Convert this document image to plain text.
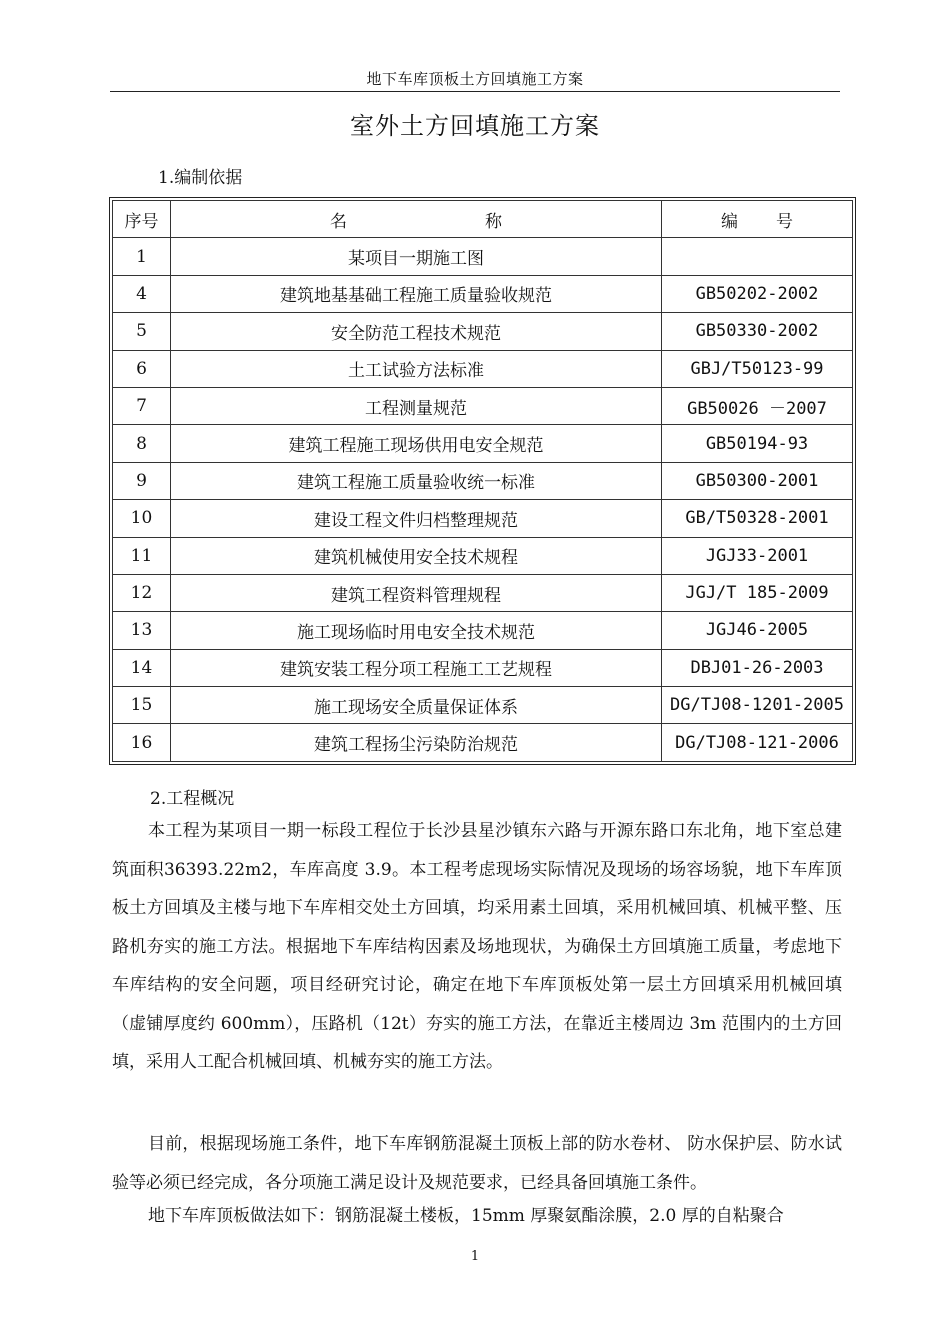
地下车库顶板土方回填施工方案
室外土方回填施工方案
1.编制依据
序号	名 称	编号
1	某项目一期施工图	
4	建筑地基基础工程施工质量验收规范	GB50202-2002
5	安全防范工程技术规范	GB50330-2002
6	土工试验方法标准	GBJ/T50123-99
7	工程测量规范	GB50026 －2007
8	建筑工程施工现场供用电安全规范	GB50194-93
9	建筑工程施工质量验收统一标准	GB50300-2001
10	建设工程文件归档整理规范	GB/T50328-2001
11	建筑机械使用安全技术规程	JGJ33-2001
12	建筑工程资料管理规程	JGJ/T 185-2009
13	施工现场临时用电安全技术规范	JGJ46-2005
14	建筑安装工程分项工程施工工艺规程	DBJ01-26-2003
15	施工现场安全质量保证体系	DG/TJ08-1201-2005
16	建筑工程扬尘污染防治规范	DG/TJ08-121-2006
2.工程概况

本工程为某项目一期一标段工程位于长沙县星沙镇东六路与开源东路口东北角，地下室总建筑面积36393.22m2，车库高度 3.9。本工程考虑现场实际情况及现场的场容场貌，地下车库顶板土方回填及主楼与地下车库相交处土方回填，均采用素土回填，采用机械回填、机械平整、压路机夯实的施工方法。根据地下车库结构因素及场地现状，为确保土方回填施工质量，考虑地下车库结构的安全问题，项目经研究讨论，确定在地下车库顶板处第一层土方回填采用机械回填（虚铺厚度约 600mm），压路机（12t）夯实的施工方法，在靠近主楼周边 3m 范围内的土方回填，采用人工配合机械回填、机械夯实的施工方法。

目前，根据现场施工条件，地下车库钢筋混凝土顶板上部的防水卷材、 防水保护层、防水试验等必须已经完成，各分项施工满足设计及规范要求，已经具备回填施工条件。

地下车库顶板做法如下：钢筋混凝土楼板，15mm 厚聚氨酯涂膜，2.0 厚的自粘聚合

1
